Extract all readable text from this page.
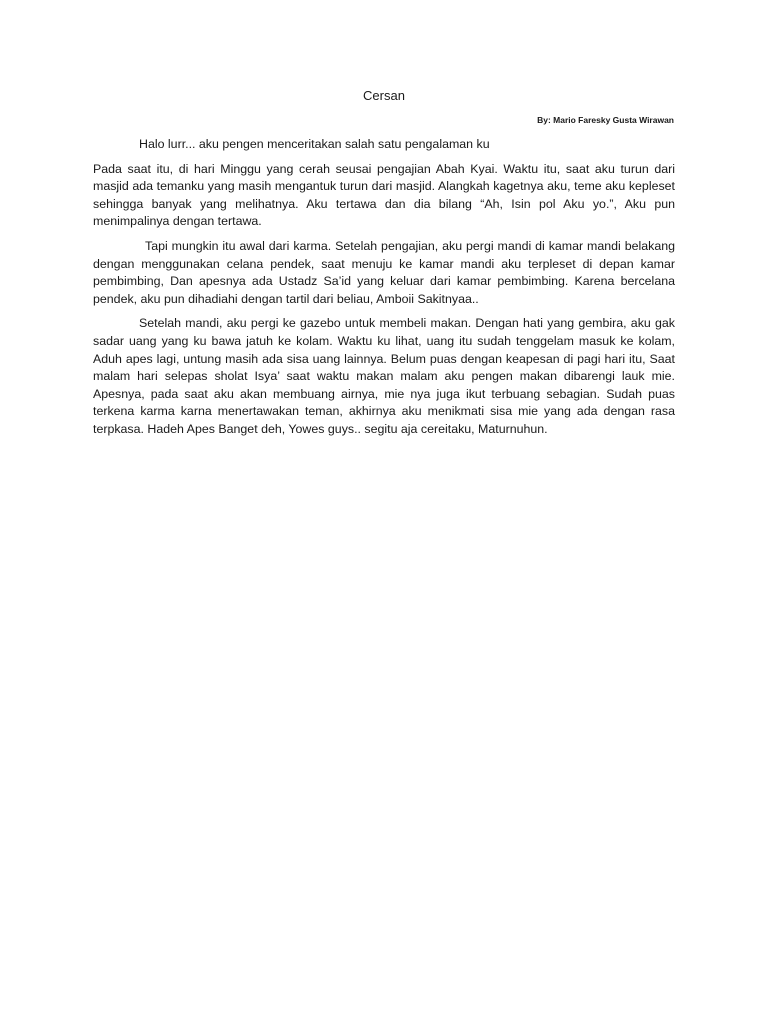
Cersan
By: Mario Faresky Gusta Wirawan

Halo lurr... aku pengen menceritakan salah satu pengalaman ku

Pada saat itu, di hari Minggu yang cerah seusai pengajian Abah Kyai. Waktu itu, saat aku turun dari masjid ada temanku yang masih mengantuk turun dari masjid. Alangkah kagetnya aku, teme aku kepleset sehingga banyak yang melihatnya. Aku tertawa dan dia bilang “Ah, Isin pol Aku yo.”, Aku pun menimpalinya dengan tertawa.

Tapi mungkin itu awal dari karma. Setelah pengajian, aku pergi mandi di kamar mandi belakang dengan menggunakan celana pendek, saat menuju ke kamar mandi aku terpleset di depan kamar pembimbing, Dan apesnya ada Ustadz Sa’id yang keluar dari kamar pembimbing. Karena bercelana pendek, aku pun dihadiahi dengan tartil dari beliau, Amboii Sakitnyaa..

Setelah mandi, aku pergi ke gazebo untuk membeli makan. Dengan hati yang gembira, aku gak sadar uang yang ku bawa jatuh ke kolam. Waktu ku lihat, uang itu sudah tenggelam masuk ke kolam, Aduh apes lagi, untung masih ada sisa uang lainnya. Belum puas dengan keapesan di pagi hari itu, Saat malam hari selepas sholat Isya’ saat waktu makan malam aku pengen makan dibarengi lauk mie. Apesnya, pada saat aku akan membuang airnya, mie nya juga ikut terbuang sebagian. Sudah puas terkena karma karna menertawakan teman, akhirnya aku menikmati sisa mie yang ada dengan rasa terpkasa. Hadeh Apes Banget deh, Yowes guys.. segitu aja cereitaku, Maturnuhun.
